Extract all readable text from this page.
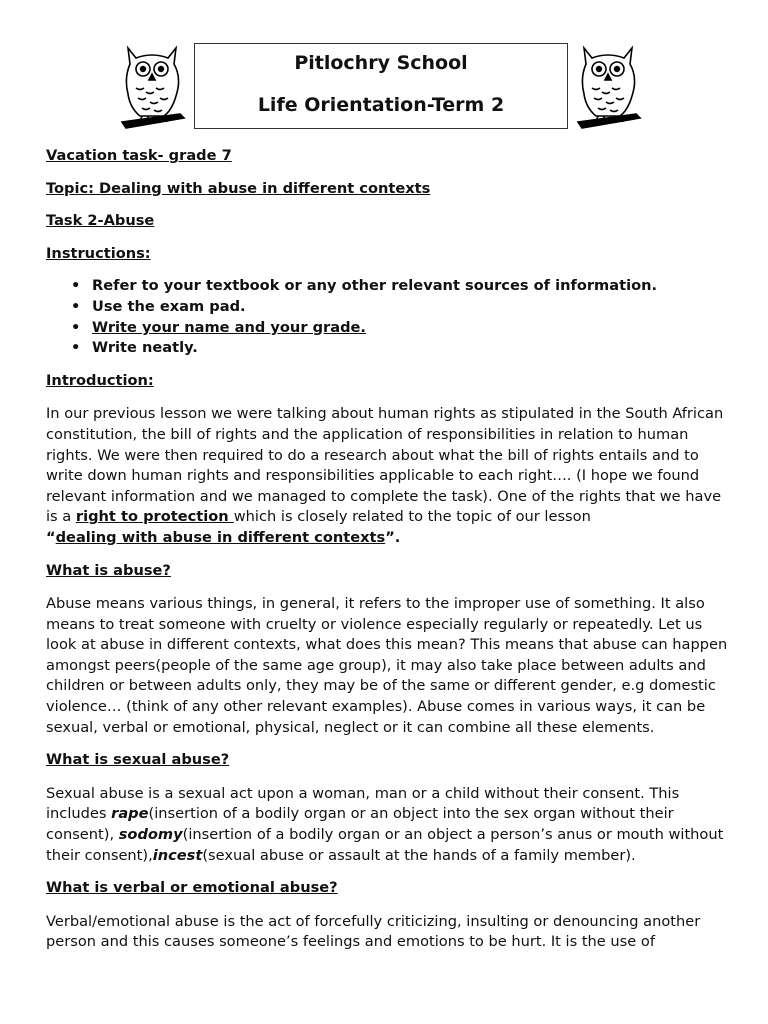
Pitlochry School
Life Orientation-Term 2

Vacation task- grade 7

Topic: Dealing with abuse in different contexts

Task 2-Abuse

Instructions:

• Refer to your textbook or any other relevant sources of information.
• Use the exam pad.
• Write your name and your grade.
• Write neatly.

Introduction:

In our previous lesson we were talking about human rights as stipulated in the South African constitution, the bill of rights and the application of responsibilities in relation to human rights. We were then required to do a research about what the bill of rights entails and to write down human rights and responsibilities applicable to each right…. (I hope we found relevant information and we managed to complete the task). One of the rights that we have is a right to protection which is closely related to the topic of our lesson
“dealing with abuse in different contexts”.

What is abuse?

Abuse means various things, in general, it refers to the improper use of something. It also means to treat someone with cruelty or violence especially regularly or repeatedly. Let us look at abuse in different contexts, what does this mean? This means that abuse can happen amongst peers(people of the same age group), it may also take place between adults and children or between adults only, they may be of the same or different gender, e.g domestic violence… (think of any other relevant examples). Abuse comes in various ways, it can be sexual, verbal or emotional, physical, neglect or it can combine all these elements.

What is sexual abuse?

Sexual abuse is a sexual act upon a woman, man or a child without their consent. This includes rape(insertion of a bodily organ or an object into the sex organ without their consent), sodomy(insertion of a bodily organ or an object a person’s anus or mouth without their consent),incest(sexual abuse or assault at the hands of a family member).

What is verbal or emotional abuse?

Verbal/emotional abuse is the act of forcefully criticizing, insulting or denouncing another person and this causes someone’s feelings and emotions to be hurt. It is the use of
